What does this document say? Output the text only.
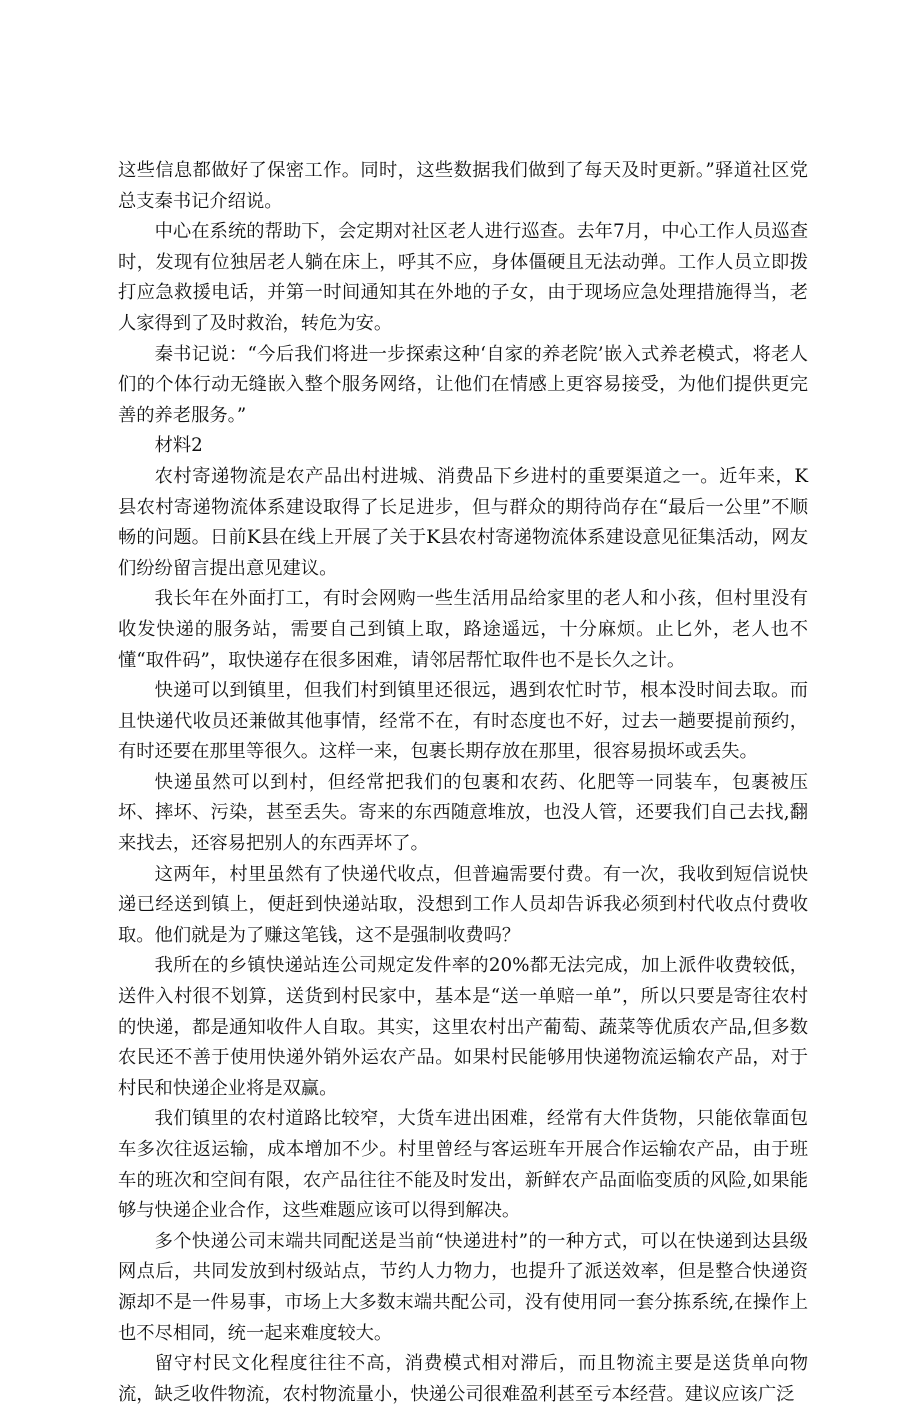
这些信息都做好了保密工作。同时，这些数据我们做到了每天及时更新。”驿道社区党总支秦书记介绍说。

中心在系统的帮助下，会定期对社区老人进行巡查。去年7月，中心工作人员巡查时，发现有位独居老人躺在床上，呼其不应，身体僵硬且无法动弹。工作人员立即拨打应急救援电话，并第一时间通知其在外地的子女，由于现场应急处理措施得当，老人家得到了及时救治，转危为安。

秦书记说：“今后我们将进一步探索这种‘自家的养老院’嵌入式养老模式，将老人们的个体行动无缝嵌入整个服务网络，让他们在情感上更容易接受，为他们提供更完善的养老服务。”

材料2

农村寄递物流是农产品出村进城、消费品下乡进村的重要渠道之一。近年来，K县农村寄递物流体系建设取得了长足进步，但与群众的期待尚存在“最后一公里”不顺畅的问题。日前K县在线上开展了关于K县农村寄递物流体系建设意见征集活动，网友们纷纷留言提出意见建议。

我长年在外面打工，有时会网购一些生活用品给家里的老人和小孩，但村里没有收发快递的服务站，需要自己到镇上取，路途遥远，十分麻烦。止匕外，老人也不懂“取件码”，取快递存在很多困难，请邻居帮忙取件也不是长久之计。

快递可以到镇里，但我们村到镇里还很远，遇到农忙时节，根本没时间去取。而且快递代收员还兼做其他事情，经常不在，有时态度也不好，过去一趟要提前预约，有时还要在那里等很久。这样一来，包裹长期存放在那里，很容易损坏或丢失。

快递虽然可以到村，但经常把我们的包裹和农药、化肥等一同装车，包裹被压坏、摔坏、污染，甚至丢失。寄来的东西随意堆放，也没人管，还要我们自己去找,翻来找去，还容易把别人的东西弄坏了。

这两年，村里虽然有了快递代收点，但普遍需要付费。有一次，我收到短信说快递已经送到镇上，便赶到快递站取，没想到工作人员却告诉我必须到村代收点付费收取。他们就是为了赚这笔钱，这不是强制收费吗？

我所在的乡镇快递站连公司规定发件率的20%都无法完成，加上派件收费较低，送件入村很不划算，送货到村民家中，基本是“送一单赔一单”，所以只要是寄往农村的快递，都是通知收件人自取。其实，这里农村出产葡萄、蔬菜等优质农产品,但多数农民还不善于使用快递外销外运农产品。如果村民能够用快递物流运输农产品，对于村民和快递企业将是双赢。

我们镇里的农村道路比较窄，大货车进出困难，经常有大件货物，只能依靠面包车多次往返运输，成本增加不少。村里曾经与客运班车开展合作运输农产品，由于班车的班次和空间有限，农产品往往不能及时发出，新鲜农产品面临变质的风险,如果能够与快递企业合作，这些难题应该可以得到解决。

多个快递公司末端共同配送是当前“快递进村”的一种方式，可以在快递到达县级网点后，共同发放到村级站点，节约人力物力，也提升了派送效率，但是整合快递资源却不是一件易事，市场上大多数末端共配公司，没有使用同一套分拣系统,在操作上也不尽相同，统一起来难度较大。

留守村民文化程度往往不高，消费模式相对滞后，而且物流主要是送货单向物流，缺乏收件物流，农村物流量小，快递公司很难盈利甚至亏本经营。建议应该广泛
